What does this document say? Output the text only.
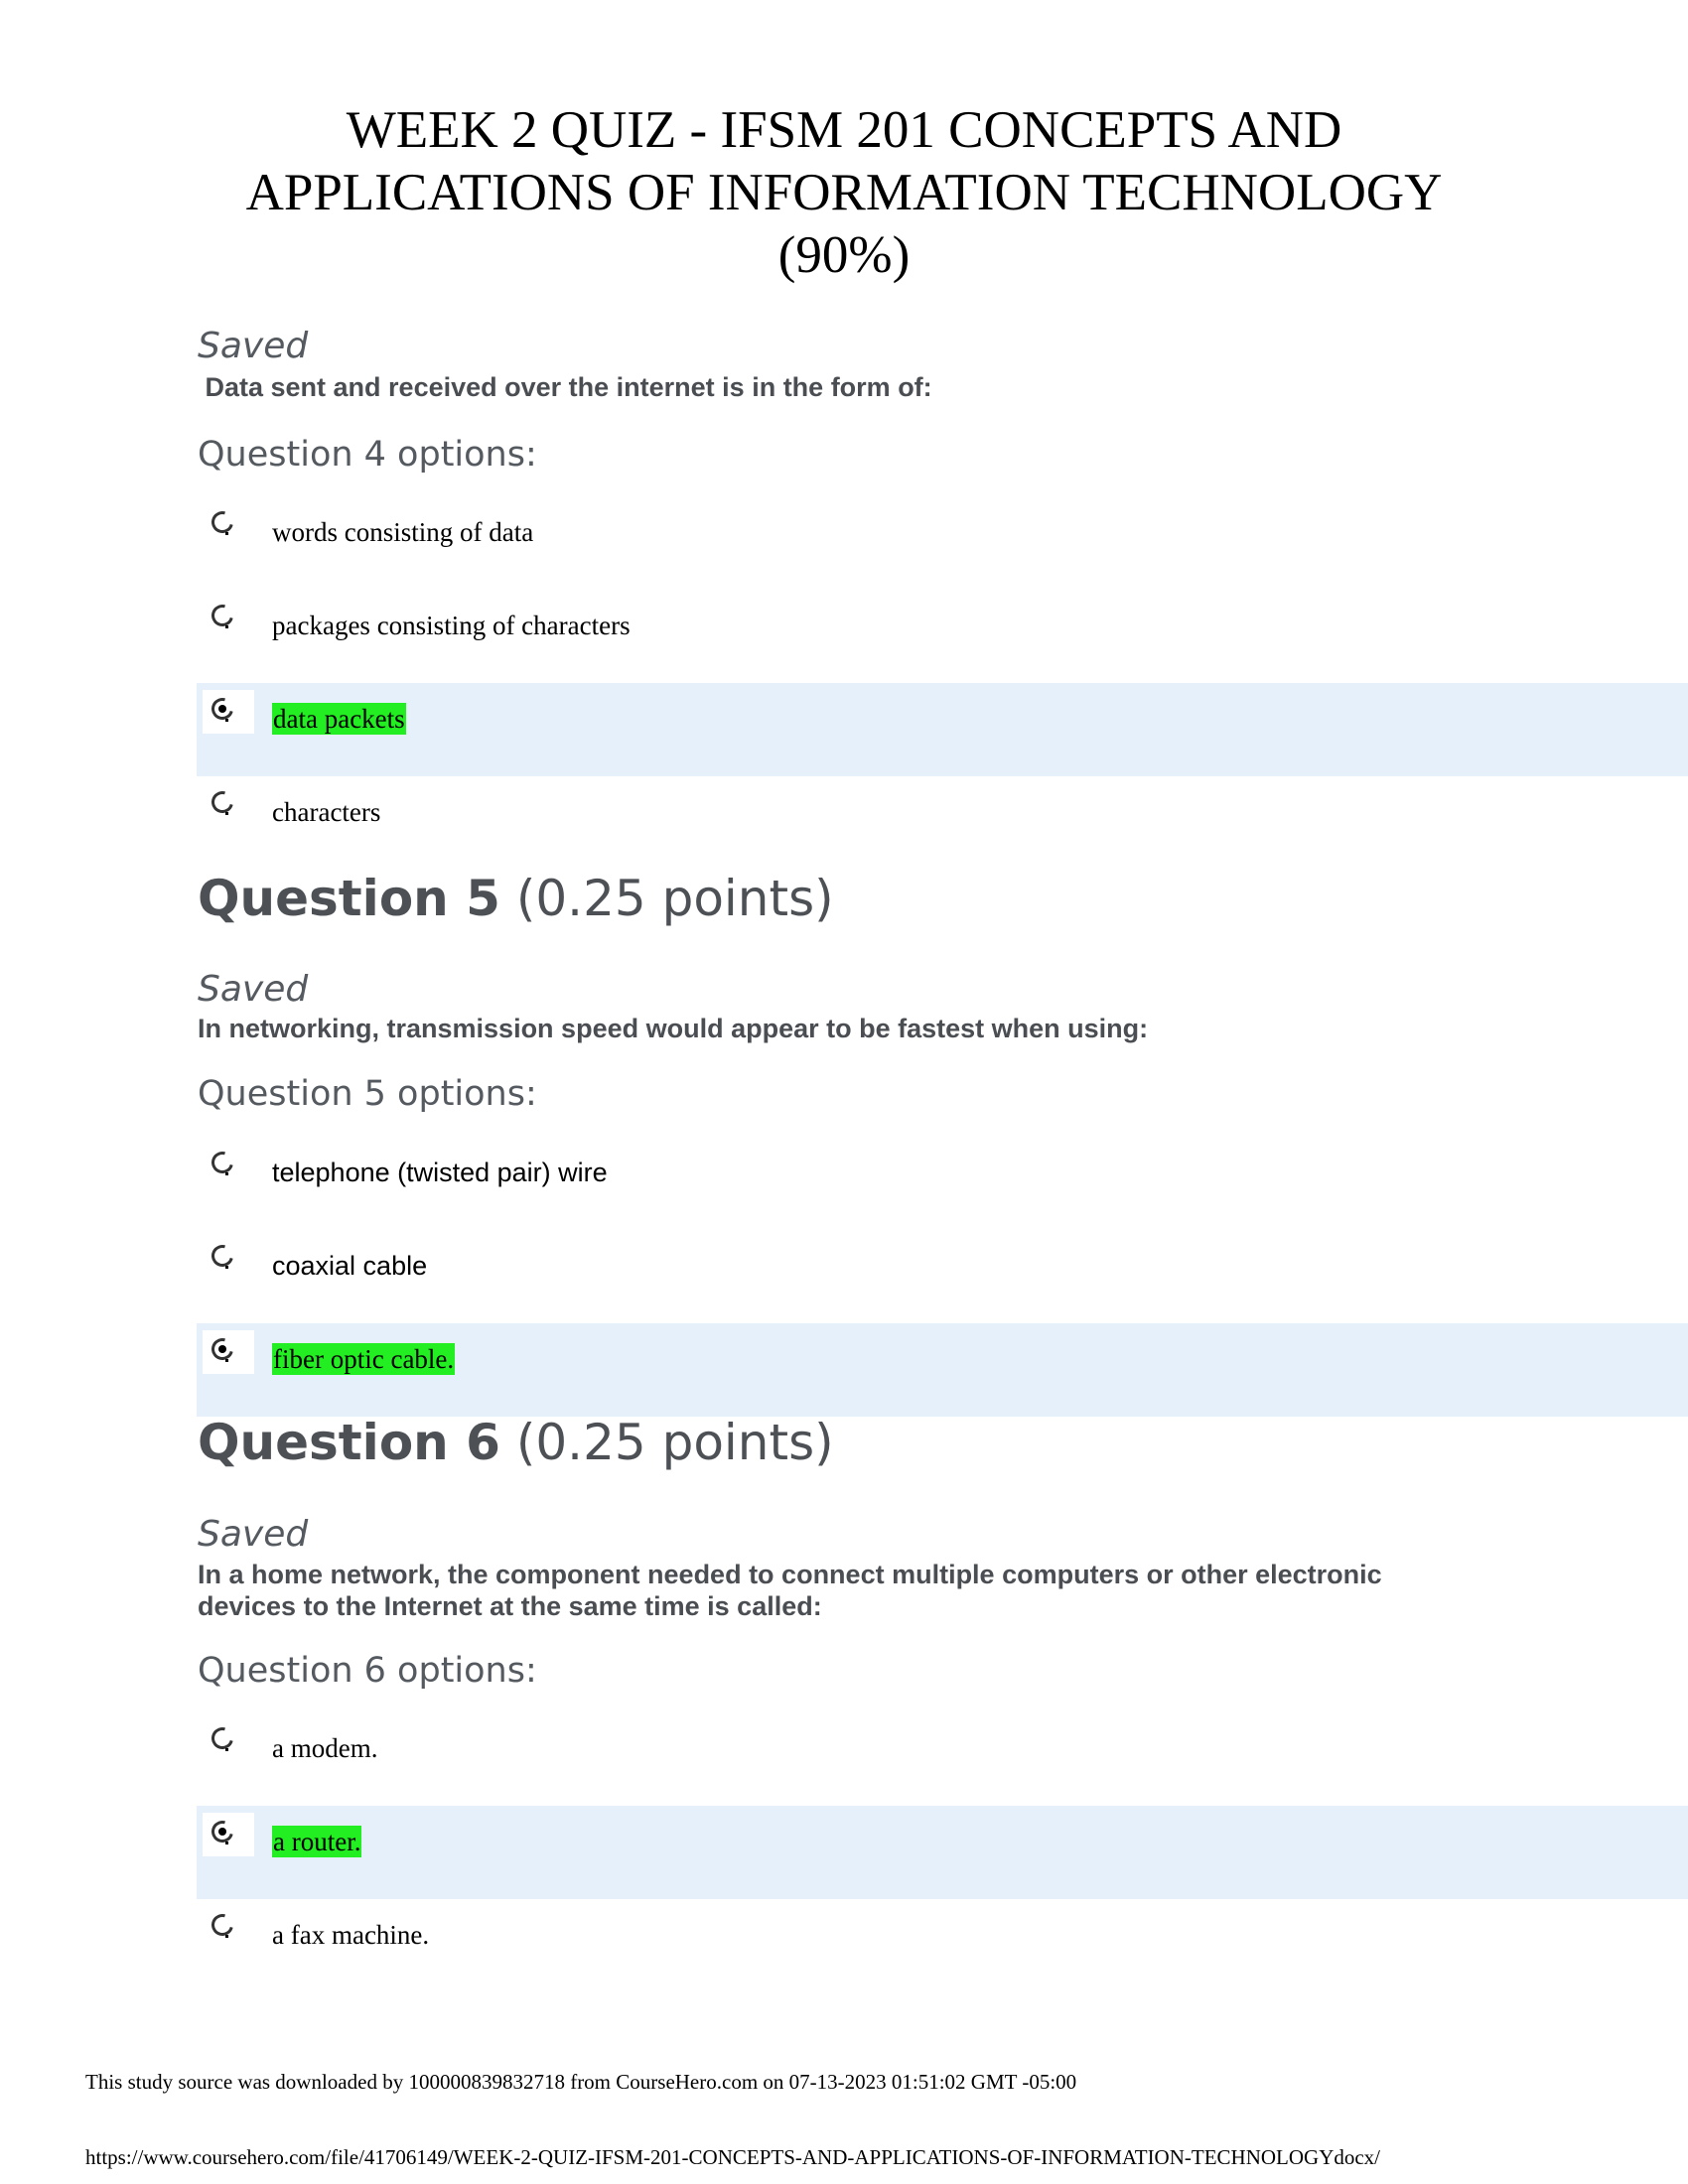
WEEK 2 QUIZ - IFSM 201 CONCEPTS AND
APPLICATIONS OF INFORMATION TECHNOLOGY
(90%)
Saved
Data sent and received over the internet is in the form of:
Question 4 options:
words consisting of data
packages consisting of characters
data packets
characters
Question 5 (0.25 points)
Saved
In networking, transmission speed would appear to be fastest when using:
Question 5 options:
telephone (twisted pair) wire
coaxial cable
fiber optic cable.
Question 6 (0.25 points)
Saved
In a home network, the component needed to connect multiple computers or other electronic
devices to the Internet at the same time is called:
Question 6 options:
a modem.
a router.
a fax machine.
This study source was downloaded by 100000839832718 from CourseHero.com on 07-13-2023 01:51:02 GMT -05:00
https://www.coursehero.com/file/41706149/WEEK-2-QUIZ-IFSM-201-CONCEPTS-AND-APPLICATIONS-OF-INFORMATION-TECHNOLOGYdocx/
